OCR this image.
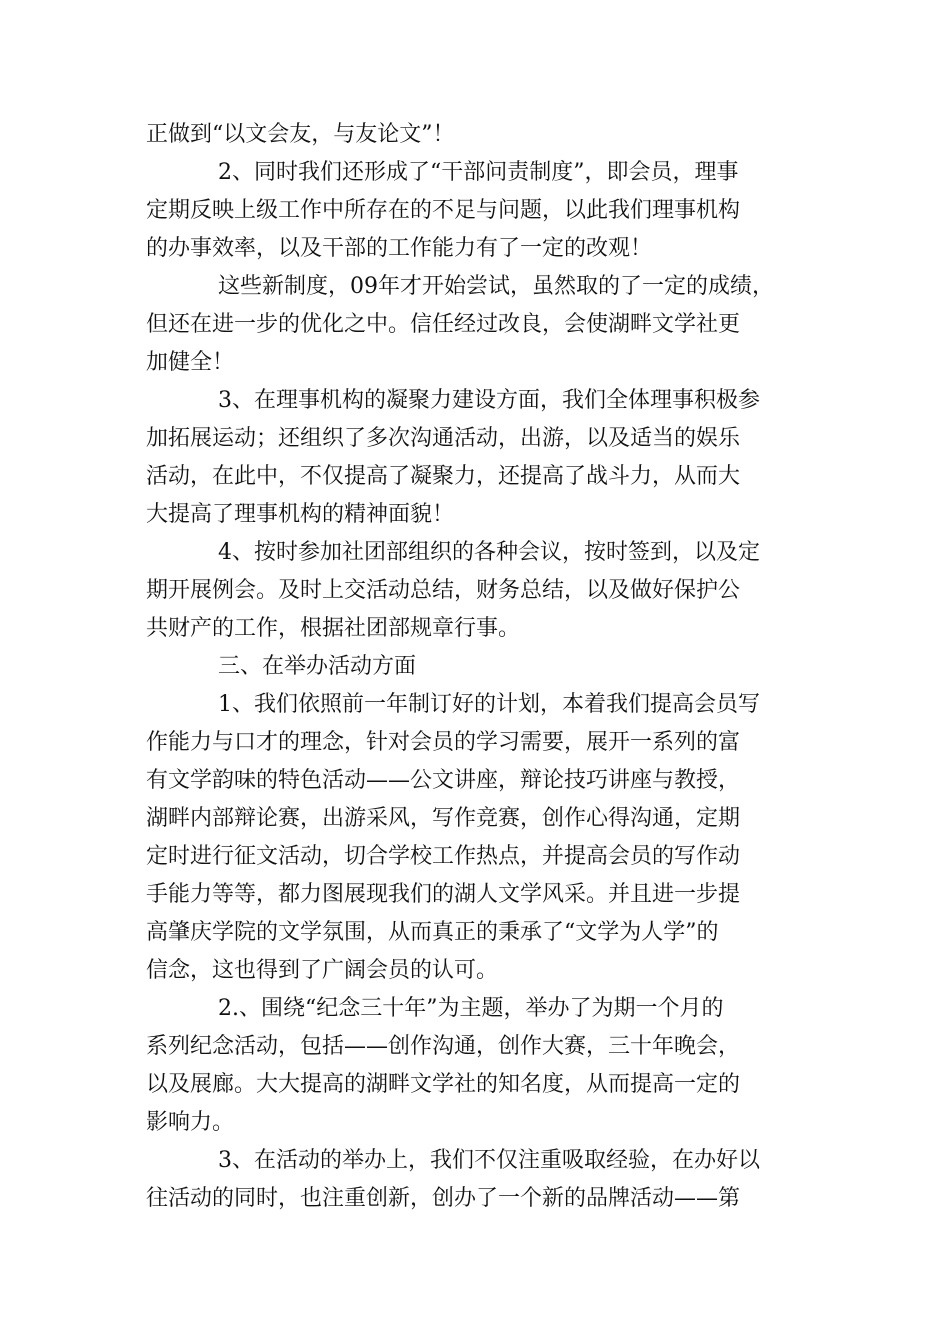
正做到“以文会友，与友论文”！
2、同时我们还形成了“干部问责制度”，即会员，理事
定期反映上级工作中所存在的不足与问题，以此我们理事机构
的办事效率，以及干部的工作能力有了一定的改观！
这些新制度，09年才开始尝试，虽然取的了一定的成绩，
但还在进一步的优化之中。信任经过改良，会使湖畔文学社更
加健全！
3、在理事机构的凝聚力建设方面，我们全体理事积极参
加拓展运动；还组织了多次沟通活动，出游，以及适当的娱乐
活动，在此中，不仅提高了凝聚力，还提高了战斗力，从而大
大提高了理事机构的精神面貌！
4、按时参加社团部组织的各种会议，按时签到，以及定
期开展例会。及时上交活动总结，财务总结，以及做好保护公
共财产的工作，根据社团部规章行事。
三、在举办活动方面
1、我们依照前一年制订好的计划，本着我们提高会员写
作能力与口才的理念，针对会员的学习需要，展开一系列的富
有文学韵味的特色活动——公文讲座，辩论技巧讲座与教授，
湖畔内部辩论赛，出游采风，写作竞赛，创作心得沟通，定期
定时进行征文活动，切合学校工作热点，并提高会员的写作动
手能力等等，都力图展现我们的湖人文学风采。并且进一步提
高肇庆学院的文学氛围，从而真正的秉承了“文学为人学”的
信念，这也得到了广阔会员的认可。
2.、围绕“纪念三十年”为主题，举办了为期一个月的
系列纪念活动，包括——创作沟通，创作大赛，三十年晚会，
以及展廊。大大提高的湖畔文学社的知名度，从而提高一定的
影响力。
3、在活动的举办上，我们不仅注重吸取经验，在办好以
往活动的同时，也注重创新，创办了一个新的品牌活动——第
